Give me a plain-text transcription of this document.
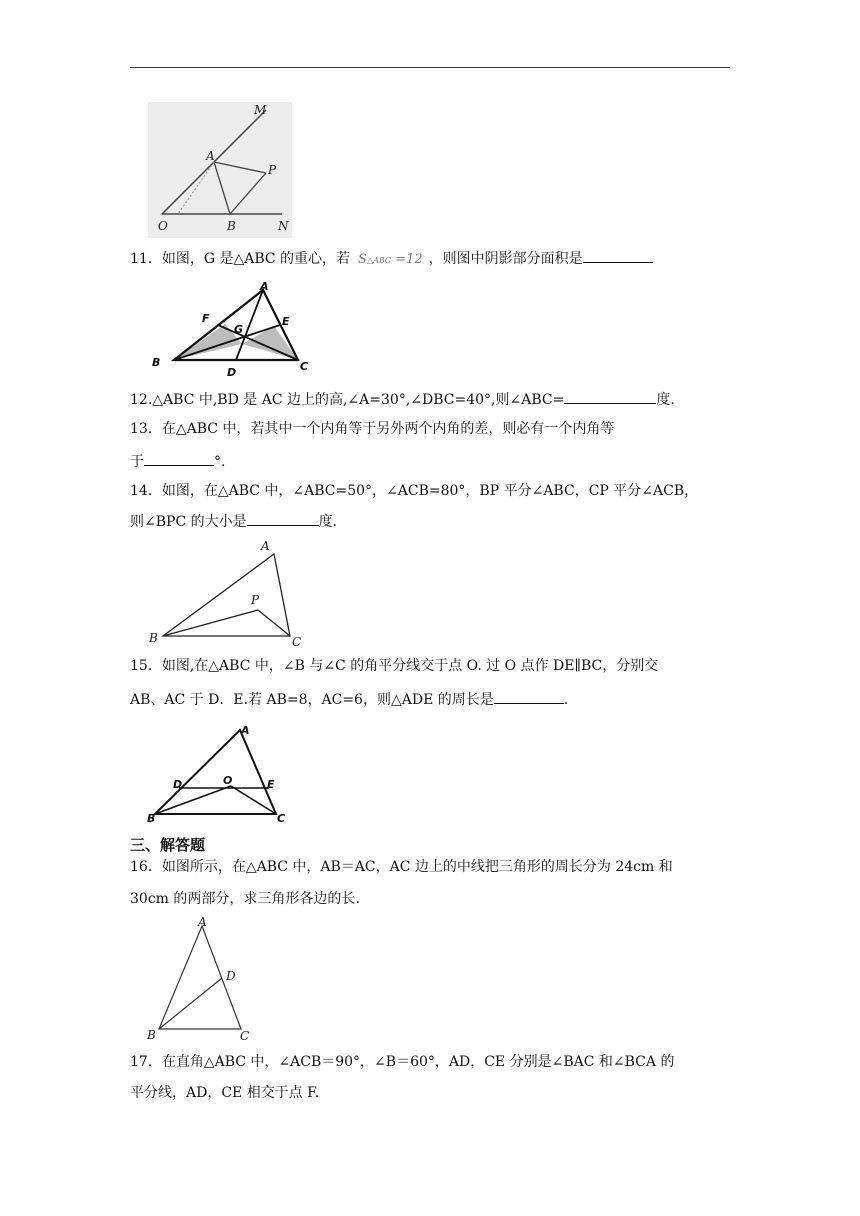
M
A
P
O	B	N
11．如图，G 是△ABC 的重心，若 S△ABC =12 ，则图中阴影部分面积是
A
F
G
E
B
D	C
12.△ABC 中,BD 是 AC 边上的高,∠A=30°,∠DBC=40°,则∠ABC=	度.
13．在△ABC 中，若其中一个内角等于另外两个内角的差，则必有一个内角等
于	°.
14．如图，在△ABC 中，∠ABC=50°，∠ACB=80°，BP 平分∠ABC，CP 平分∠ACB，
则∠BPC 的大小是	度.
A
P
B	C
15．如图,在△ABC 中，∠B 与∠C 的角平分线交于点 O. 过 O 点作 DE∥BC，分别交
AB、AC 于 D．E.若 AB=8，AC=6，则△ADE 的周长是	.
A
D	O	E
B	C
三、解答题
16．如图所示，在△ABC 中，AB＝AC，AC 边上的中线把三角形的周长分为 24cm 和
30cm 的两部分，求三角形各边的长.
A
D
B	C
17．在直角△ABC 中，∠ACB＝90°，∠B＝60°，AD，CE 分别是∠BAC 和∠BCA 的
平分线，AD，CE 相交于点 F.
